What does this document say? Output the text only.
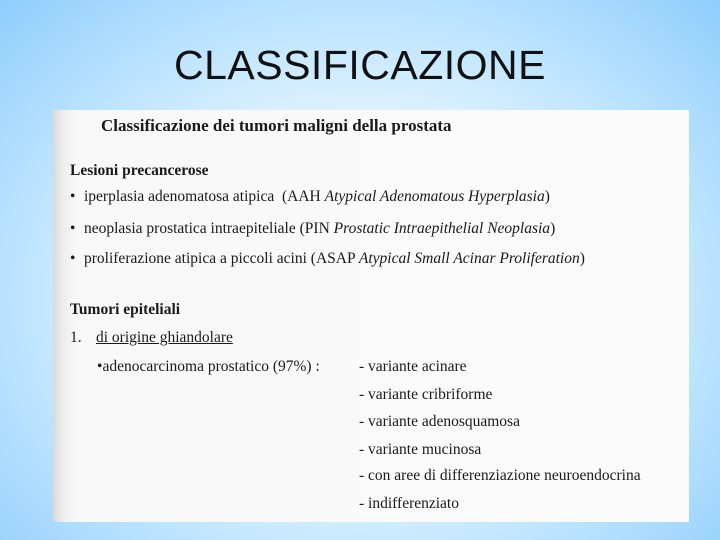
CLASSIFICAZIONE
Classificazione dei tumori maligni della prostata
Lesioni precancerose
• iperplasia adenomatosa atipica (AAH Atypical Adenomatous Hyperplasia)
• neoplasia prostatica intraepiteliale (PIN Prostatic Intraepithelial Neoplasia)
• proliferazione atipica a piccoli acini (ASAP Atypical Small Acinar Proliferation)
Tumori epiteliali
1. di origine ghiandolare
•adenocarcinoma prostatico (97%) :	- variante acinare
- variante cribriforme
- variante adenosquamosa
- variante mucinosa
- con aree di differenziazione neuroendocrina
- indifferenziato
